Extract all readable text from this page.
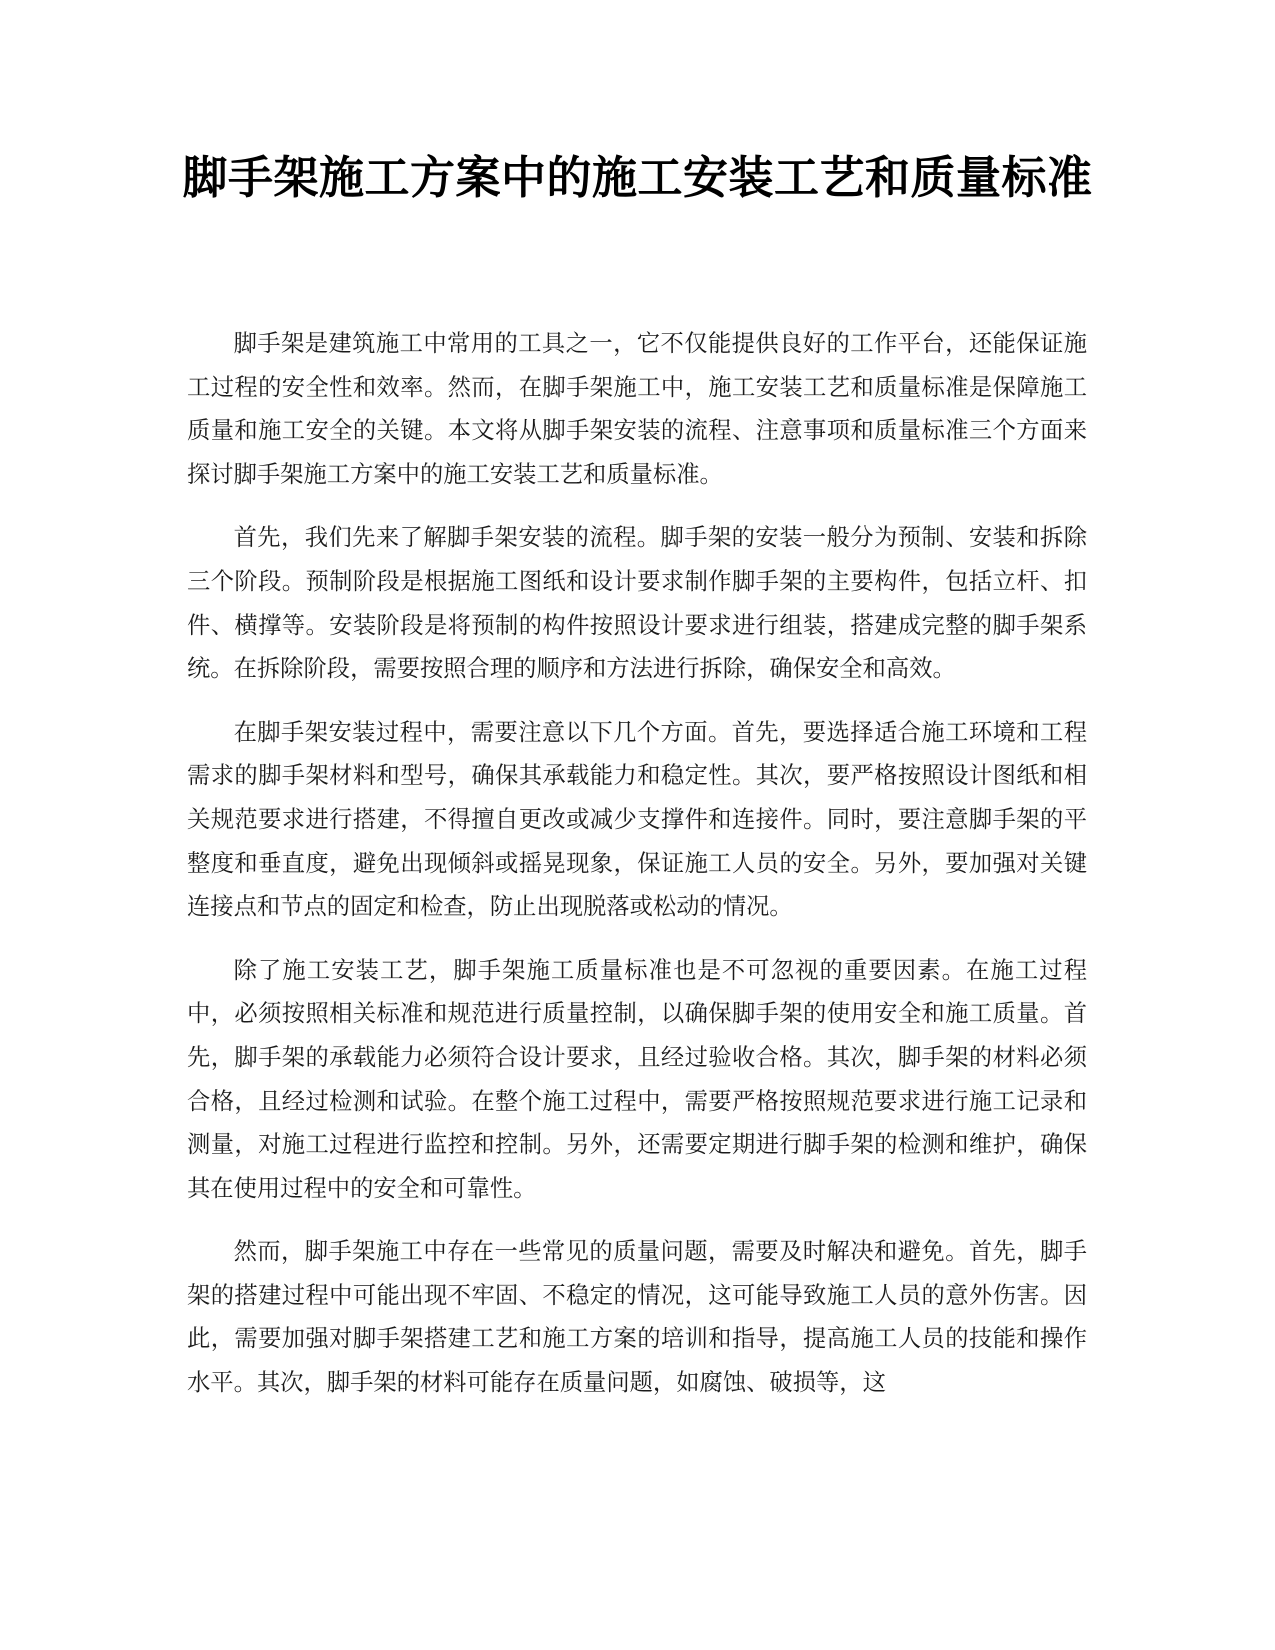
脚手架施工方案中的施工安装工艺和质量标准

脚手架是建筑施工中常用的工具之一，它不仅能提供良好的工作平台，还能保证施工过程的安全性和效率。然而，在脚手架施工中，施工安装工艺和质量标准是保障施工质量和施工安全的关键。本文将从脚手架安装的流程、注意事项和质量标准三个方面来探讨脚手架施工方案中的施工安装工艺和质量标准。

首先，我们先来了解脚手架安装的流程。脚手架的安装一般分为预制、安装和拆除三个阶段。预制阶段是根据施工图纸和设计要求制作脚手架的主要构件，包括立杆、扣件、横撑等。安装阶段是将预制的构件按照设计要求进行组装，搭建成完整的脚手架系统。在拆除阶段，需要按照合理的顺序和方法进行拆除，确保安全和高效。

在脚手架安装过程中，需要注意以下几个方面。首先，要选择适合施工环境和工程需求的脚手架材料和型号，确保其承载能力和稳定性。其次，要严格按照设计图纸和相关规范要求进行搭建，不得擅自更改或减少支撑件和连接件。同时，要注意脚手架的平整度和垂直度，避免出现倾斜或摇晃现象，保证施工人员的安全。另外，要加强对关键连接点和节点的固定和检查，防止出现脱落或松动的情况。

除了施工安装工艺，脚手架施工质量标准也是不可忽视的重要因素。在施工过程中，必须按照相关标准和规范进行质量控制，以确保脚手架的使用安全和施工质量。首先，脚手架的承载能力必须符合设计要求，且经过验收合格。其次，脚手架的材料必须合格，且经过检测和试验。在整个施工过程中，需要严格按照规范要求进行施工记录和测量，对施工过程进行监控和控制。另外，还需要定期进行脚手架的检测和维护，确保其在使用过程中的安全和可靠性。

然而，脚手架施工中存在一些常见的质量问题，需要及时解决和避免。首先，脚手架的搭建过程中可能出现不牢固、不稳定的情况，这可能导致施工人员的意外伤害。因此，需要加强对脚手架搭建工艺和施工方案的培训和指导，提高施工人员的技能和操作水平。其次，脚手架的材料可能存在质量问题，如腐蚀、破损等，这
